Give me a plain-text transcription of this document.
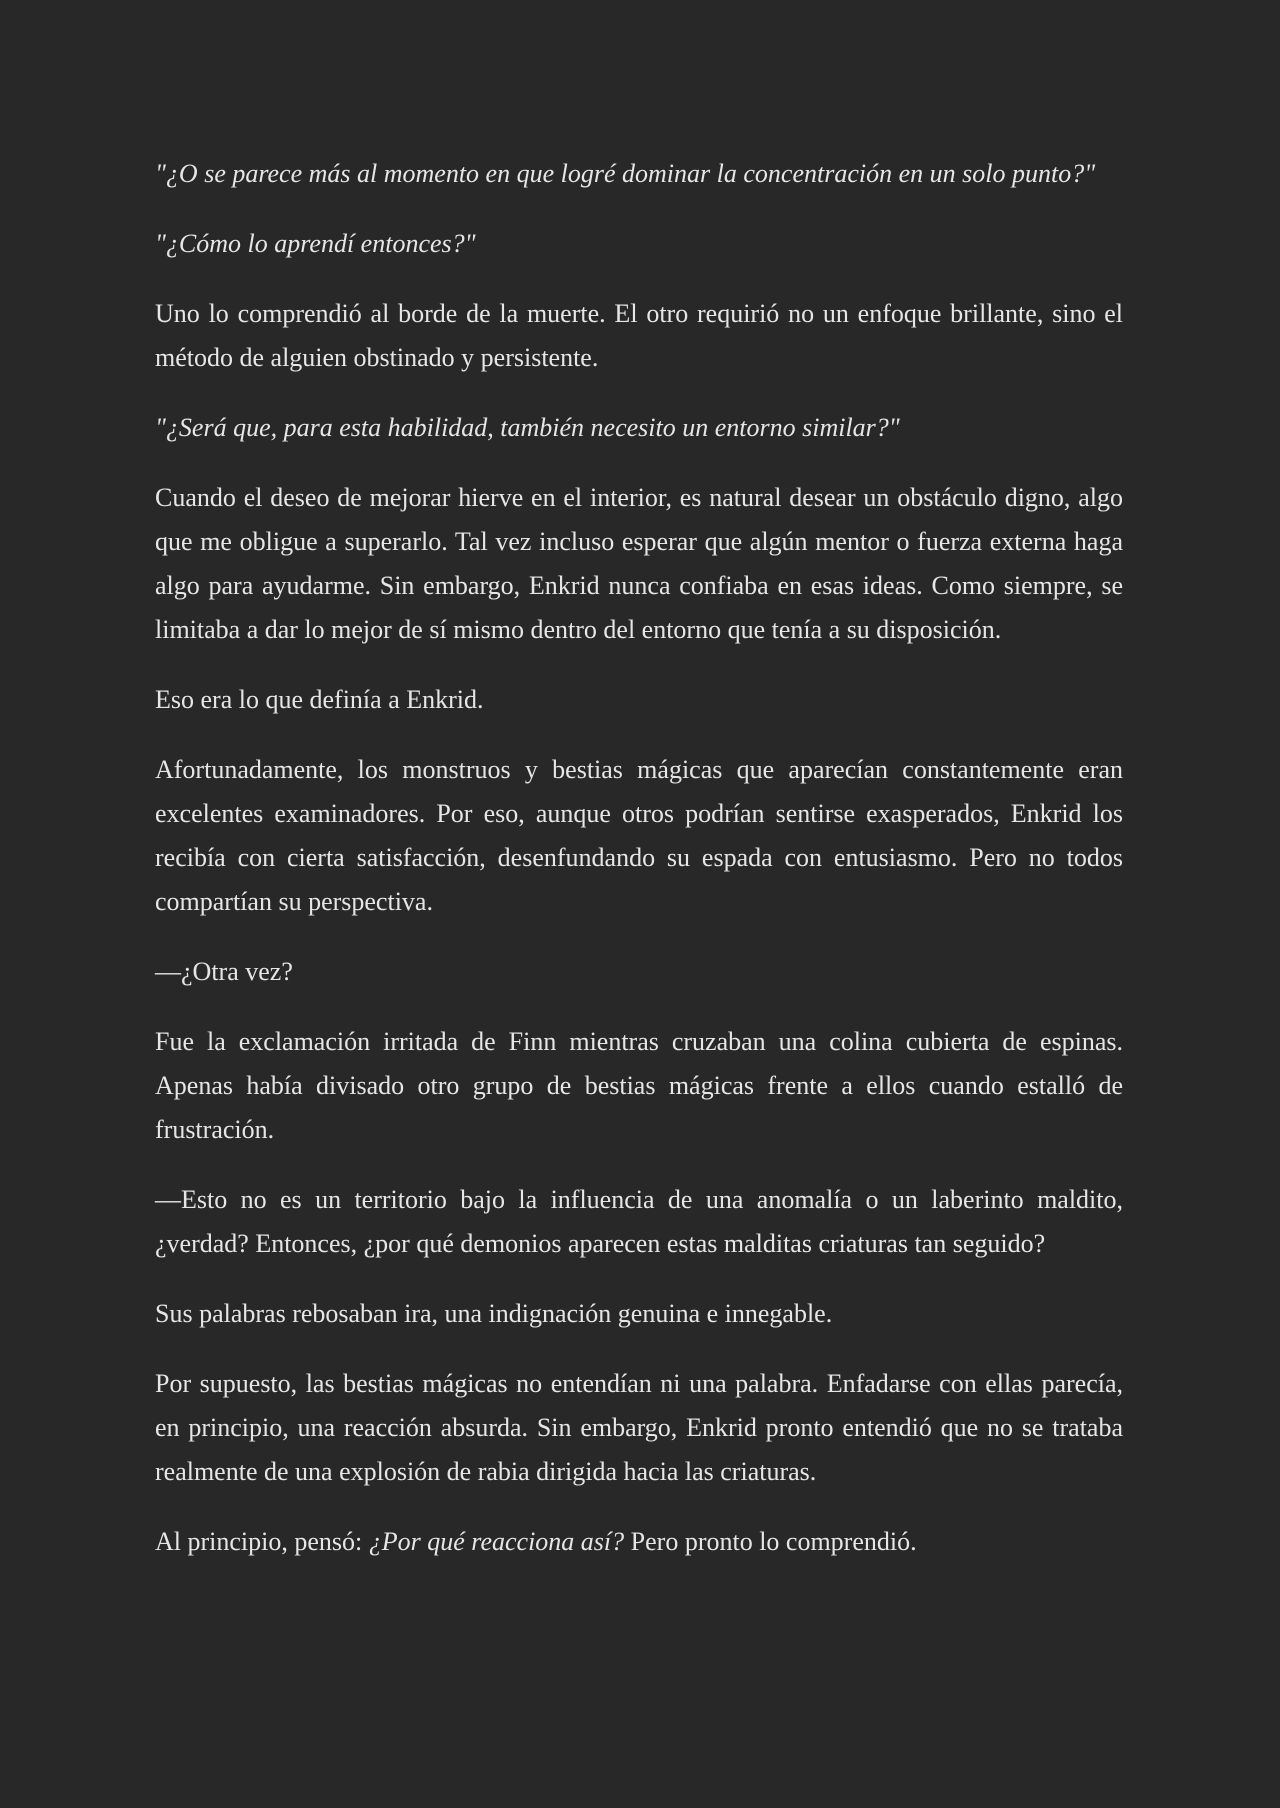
"¿O se parece más al momento en que logré dominar la concentración en un solo punto?"

"¿Cómo lo aprendí entonces?"

Uno lo comprendió al borde de la muerte. El otro requirió no un enfoque brillante, sino el método de alguien obstinado y persistente.

"¿Será que, para esta habilidad, también necesito un entorno similar?"

Cuando el deseo de mejorar hierve en el interior, es natural desear un obstáculo digno, algo que me obligue a superarlo. Tal vez incluso esperar que algún mentor o fuerza externa haga algo para ayudarme. Sin embargo, Enkrid nunca confiaba en esas ideas. Como siempre, se limitaba a dar lo mejor de sí mismo dentro del entorno que tenía a su disposición.

Eso era lo que definía a Enkrid.

Afortunadamente, los monstruos y bestias mágicas que aparecían constantemente eran excelentes examinadores. Por eso, aunque otros podrían sentirse exasperados, Enkrid los recibía con cierta satisfacción, desenfundando su espada con entusiasmo. Pero no todos compartían su perspectiva.

—¿Otra vez?

Fue la exclamación irritada de Finn mientras cruzaban una colina cubierta de espinas. Apenas había divisado otro grupo de bestias mágicas frente a ellos cuando estalló de frustración.

—Esto no es un territorio bajo la influencia de una anomalía o un laberinto maldito, ¿verdad? Entonces, ¿por qué demonios aparecen estas malditas criaturas tan seguido?

Sus palabras rebosaban ira, una indignación genuina e innegable.

Por supuesto, las bestias mágicas no entendían ni una palabra. Enfadarse con ellas parecía, en principio, una reacción absurda. Sin embargo, Enkrid pronto entendió que no se trataba realmente de una explosión de rabia dirigida hacia las criaturas.

Al principio, pensó: ¿Por qué reacciona así? Pero pronto lo comprendió.
